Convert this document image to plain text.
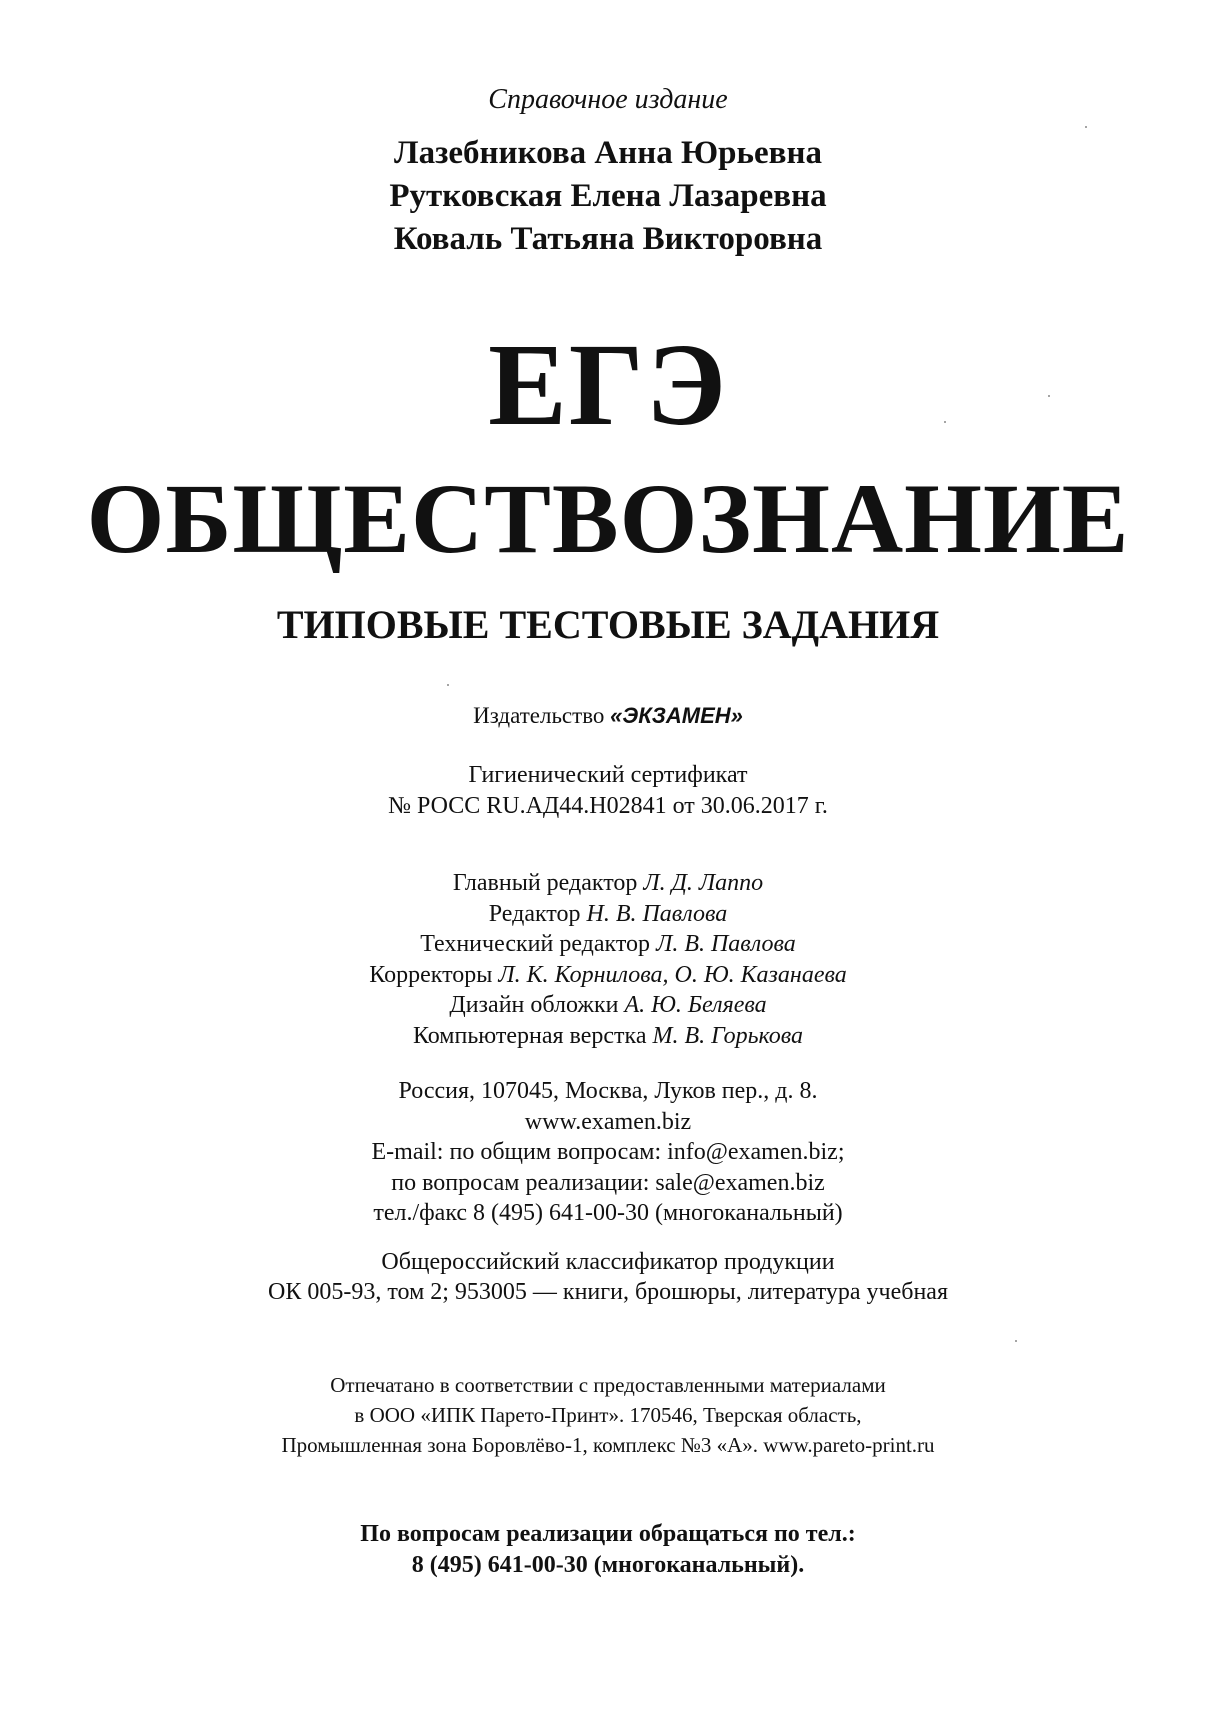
Справочное издание
Лазебникова Анна Юрьевна
Рутковская Елена Лазаревна
Коваль Татьяна Викторовна
ЕГЭ
ОБЩЕСТВОЗНАНИЕ
ТИПОВЫЕ ТЕСТОВЫЕ ЗАДАНИЯ
Издательство «ЭКЗАМЕН»
Гигиенический сертификат
№ РОСС RU.АД44.Н02841 от 30.06.2017 г.
Главный редактор Л. Д. Лаппо
Редактор Н. В. Павлова
Технический редактор Л. В. Павлова
Корректоры Л. К. Корнилова, О. Ю. Казанаева
Дизайн обложки А. Ю. Беляева
Компьютерная верстка М. В. Горькова
Россия, 107045, Москва, Луков пер., д. 8.
www.examen.biz
E-mail: по общим вопросам: info@examen.biz;
по вопросам реализации: sale@examen.biz
тел./факс 8 (495) 641-00-30 (многоканальный)
Общероссийский классификатор продукции
ОК 005-93, том 2; 953005 — книги, брошюры, литература учебная
Отпечатано в соответствии с предоставленными материалами
в ООО «ИПК Парето-Принт». 170546, Тверская область,
Промышленная зона Боровлёво-1, комплекс №3 «А». www.pareto-print.ru
По вопросам реализации обращаться по тел.:
8 (495) 641-00-30 (многоканальный).
